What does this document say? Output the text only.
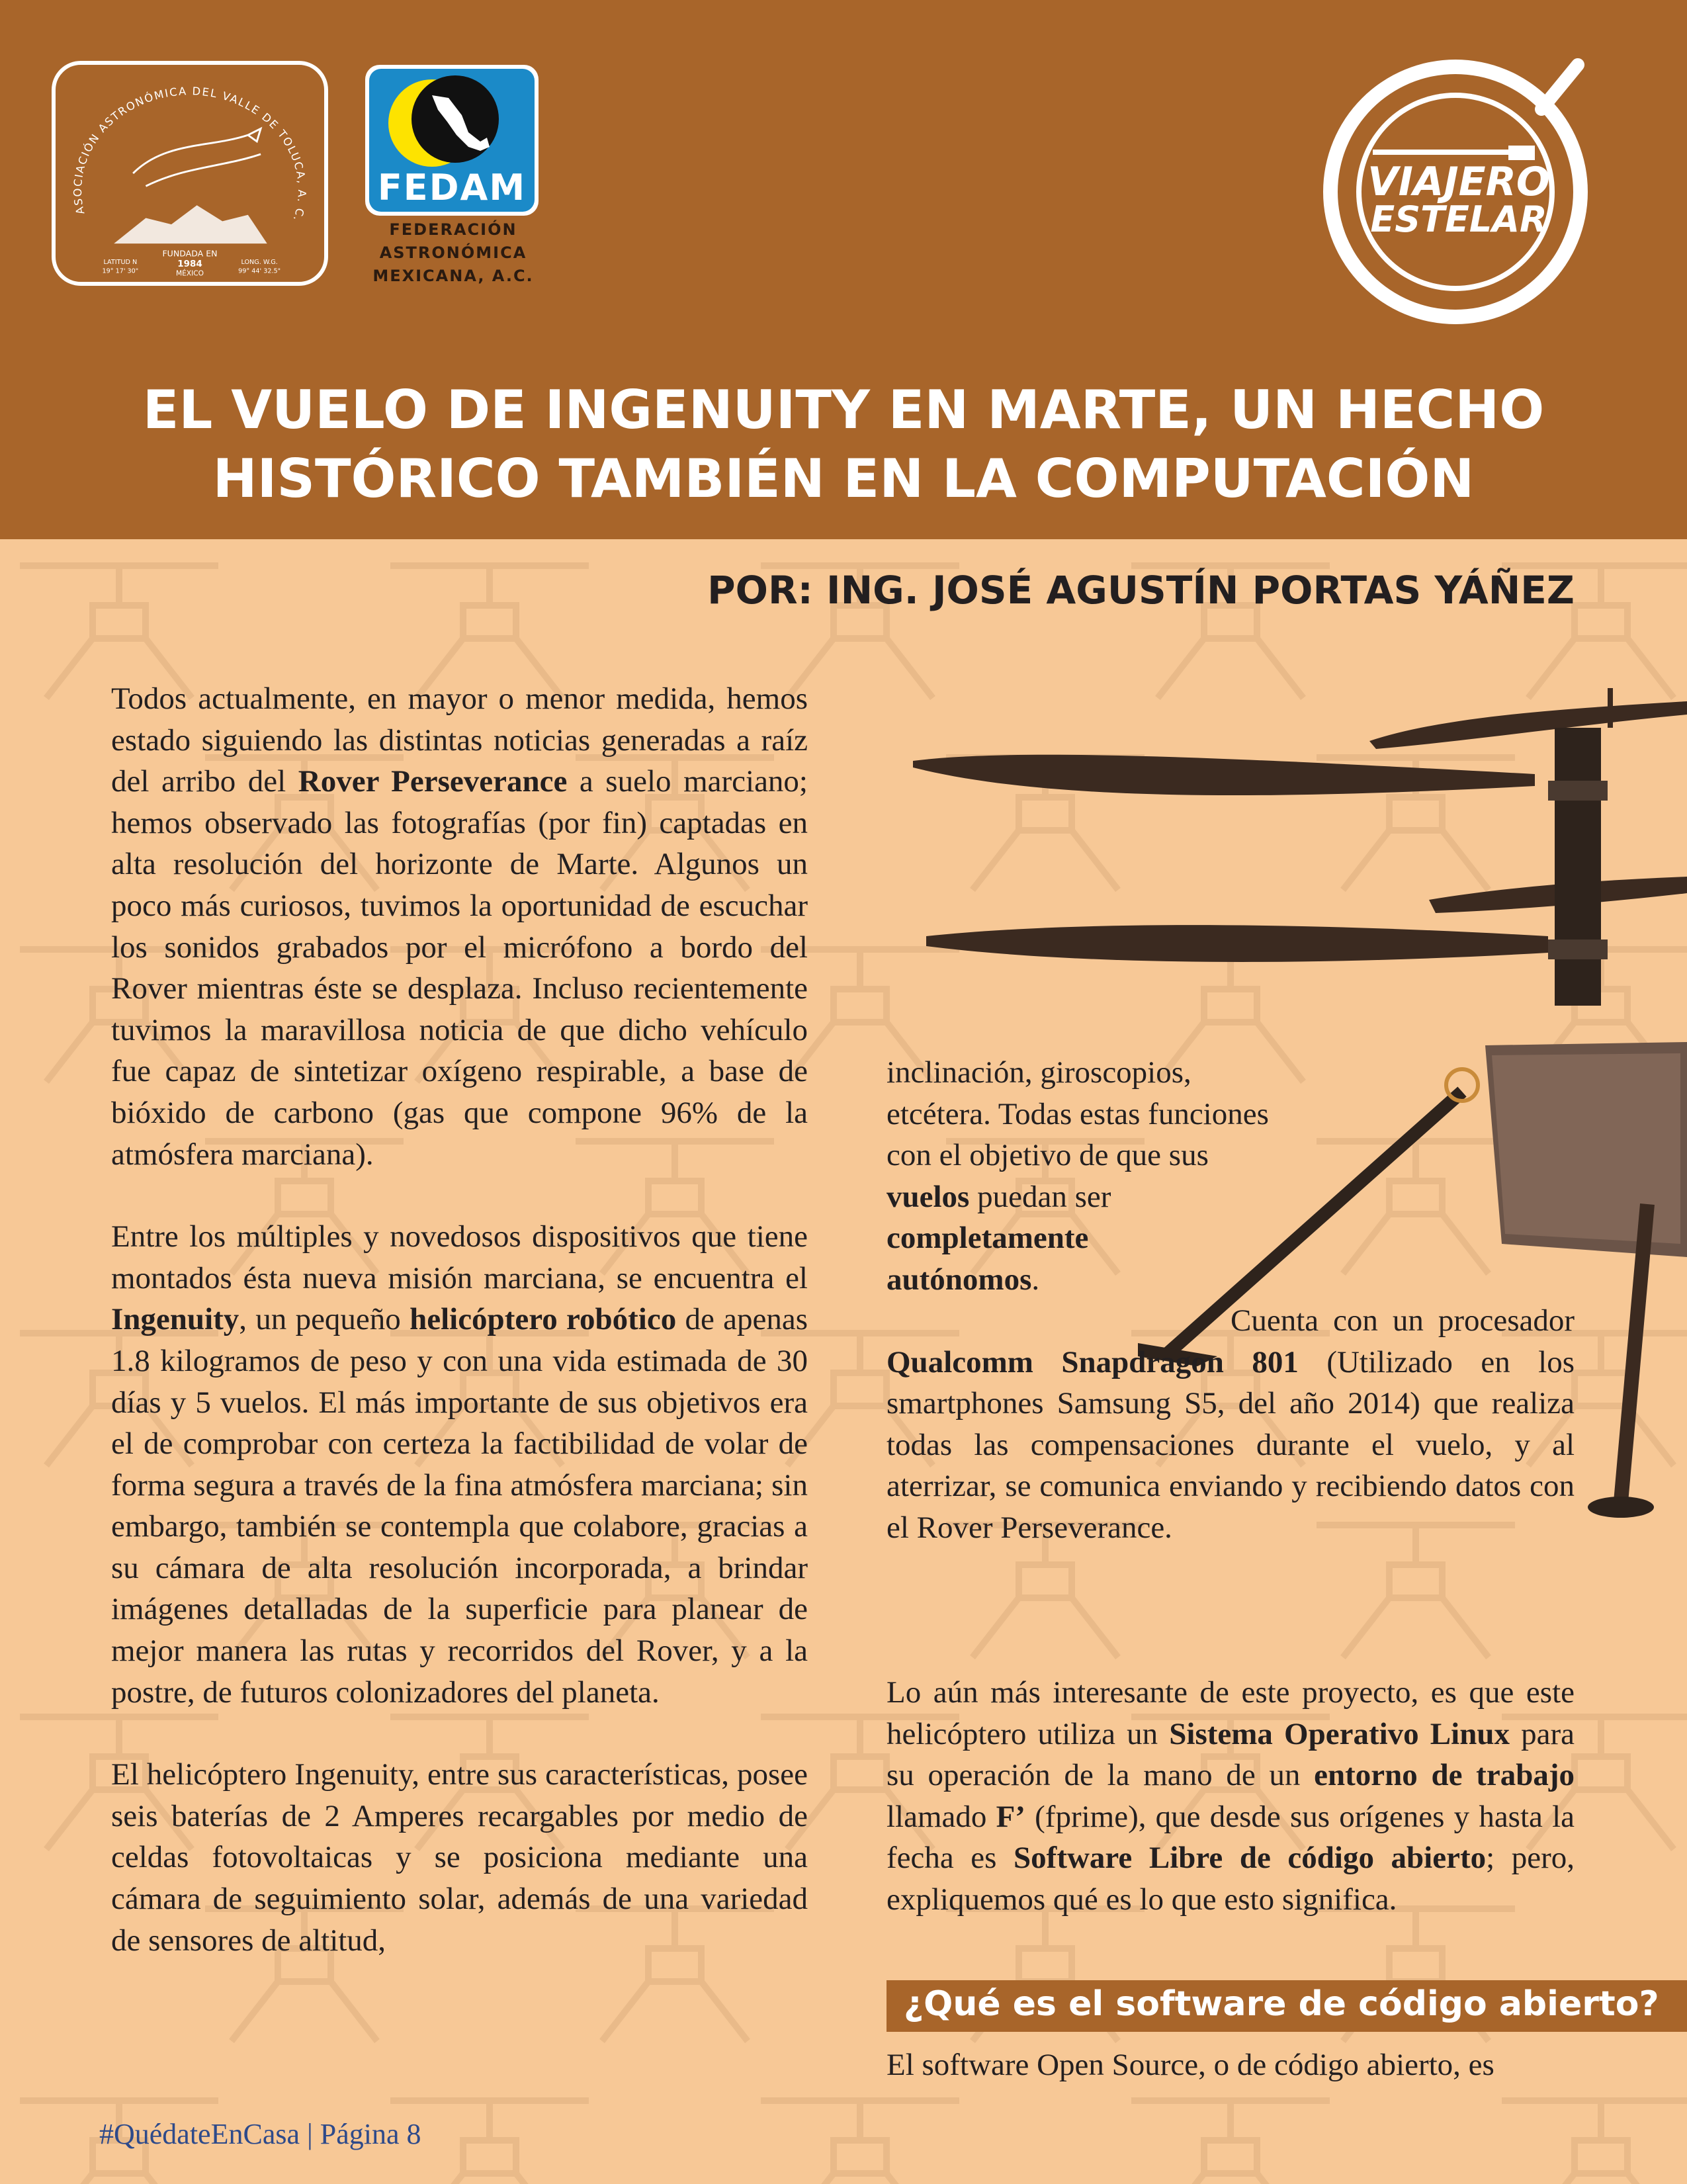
ASOCIACIÓN ASTRONÓMICA DEL VALLE DE TOLUCA, A. C.
FUNDADA EN
1984
MÉXICO
LATITUD N
19° 17' 30"
LONG. W.G.
99° 44' 32.5"
FEDAM
FEDERACIÓN
ASTRONÓMICA
MEXICANA, A.C.
VIAJERO
ESTELAR
EL VUELO DE INGENUITY EN MARTE, UN HECHO
HISTÓRICO TAMBIÉN EN LA COMPUTACIÓN
POR: ING. JOSÉ AGUSTÍN PORTAS YÁÑEZ

Todos actualmente, en mayor o menor medida, hemos estado siguiendo las distintas noticias generadas a raíz del arribo del Rover Perseverance a suelo marciano; hemos observado las fotografías (por fin) captadas en alta resolución del horizonte de Marte. Algunos un poco más curiosos, tuvimos la oportunidad de escuchar los sonidos grabados por el micrófono a bordo del Rover mientras éste se desplaza. Incluso recientemente tuvimos la maravillosa noticia de que dicho vehículo fue capaz de sintetizar oxígeno respirable, a base de bióxido de carbono (gas que compone 96% de la atmósfera marciana).

Entre los múltiples y novedosos dispositivos que tiene montados ésta nueva misión marciana, se encuentra el Ingenuity, un pequeño helicóptero robótico de apenas 1.8 kilogramos de peso y con una vida estimada de 30 días y 5 vuelos. El más importante de sus objetivos era el de comprobar con certeza la factibilidad de volar de forma segura a través de la fina atmósfera marciana; sin embargo, también se contempla que colabore, gracias a su cámara de alta resolución incorporada, a brindar imágenes detalladas de la superficie para planear de mejor manera las rutas y recorridos del Rover, y a la postre, de futuros colonizadores del planeta.

El helicóptero Ingenuity, entre sus características, posee seis baterías de 2 Amperes recargables por medio de celdas fotovoltaicas y se posiciona mediante una cámara de seguimiento solar, además de una variedad de sensores de altitud,

inclinación, giroscopios,
etcétera. Todas estas funciones
con el objetivo de que sus
vuelos puedan ser
completamente
autónomos.
Cuenta con un procesador Qualcomm Snapdragon 801 (Utilizado en los smartphones Samsung S5, del año 2014) que realiza todas las compensaciones durante el vuelo, y al aterrizar, se comunica enviando y recibiendo datos con el Rover Perseverance.
Lo aún más interesante de este proyecto, es que este helicóptero utiliza un Sistema Operativo Linux para su operación de la mano de un entorno de trabajo llamado F’ (fprime), que desde sus orígenes y hasta la fecha es Software Libre de código abierto; pero, expliquemos qué es lo que esto significa.
¿Qué es el software de código abierto?
El software Open Source, o de código abierto, es
#QuédateEnCasa | Página 8
